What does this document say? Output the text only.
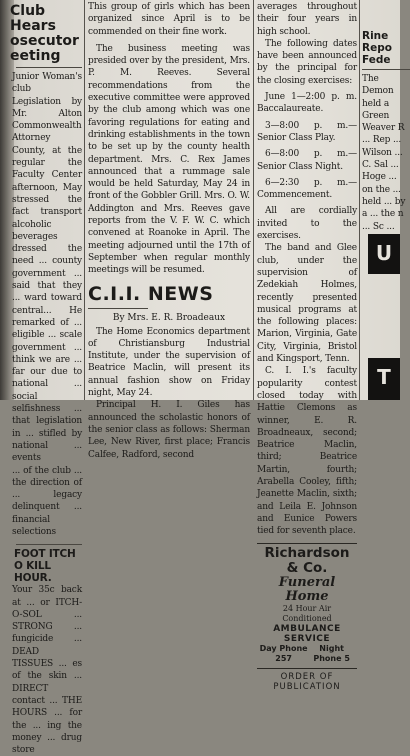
Club Hears
osecutor
eeting

Junior Woman's club Legislation by Mr. Alton Commonwealth Attorney County, at the regular the Faculty Center afternoon, May stressed the fact transport alcoholic beverages dressed the need ... county government ... said that they ... ward toward central... He remarked of ... eligible ... scale government ... think we are ... far our due to national ... social selfishness ... that legislation in ... stifled by national ... events

... of the club ... the direction of ... legacy delinquent ... financial selections

FOOT ITCH
O KILL
HOUR.

Your 35c back at ... or ITCH-O-SOL ... STRONG ... fungicide ... DEAD TISSUES ... es of the skin ... DIRECT contact ... THE HOURS ... for the ... ing the money ... drug store

This group of girls which has been organized since April is to be commended on their fine work.

The business meeting was presided over by the president, Mrs. P. M. Reeves. Several recommendations from the executive committee were approved by the club among which was one favoring regulations for eating and drinking establishments in the town to be set up by the county health department. Mrs. C. Rex James announced that a rummage sale would be held Saturday, May 24 in front of the Gobbler Grill. Mrs. O. W. Addington and Mrs. Reeves gave reports from the V. F. W. C. which convened at Roanoke in April. The meeting adjourned until the 17th of September when regular monthly meetings will be resumed.

C.I.I. NEWS
By Mrs. E. R. Broadeaux

The Home Economics department of Christiansburg Industrial Institute, under the supervision of Beatrice Maclin, will present its annual fashion show on Friday night, May 24.

Principal H. I. Giles has announced the scholastic honors of the senior class as follows: Sherman Lee, New River, first place; Francis Calfee, Radford, second

averages throughout their four years in high school.

The following dates have been announced by the principal for the closing exercises:

June 1—2:00 p. m. Baccalaureate.

3—8:00 p. m.—Senior Class Play.

6—8:00 p. m.—Senior Class Night.

6—2:30 p. m.—Commencement.

All are cordially invited to the exercises.

The band and Glee club, under the supervision of Zedekiah Holmes, recently presented musical programs at the following places: Marion, Virginia, Gate City, Virginia, Bristol and Kingsport, Tenn.

C. I. I.'s faculty popularity contest closed today with Hattie Clemons as winner, E. R. Broadneaux, second; Beatrice Maclin, third; Beatrice Martin, fourth; Arabella Cooley, fifth; Jeanette Maclin, sixth; and Leila E. Johnson and Eunice Powers tied for seventh place.

Richardson & Co.
Funeral Home
24 Hour Air Conditioned
AMBULANCE SERVICE
Day Phone 257
Night Phone 5
ORDER OF PUBLICATION
Rine
Repo
Fede

The Demon held a Green Weaver R ... Rep ... Wilson ... C. Sal ... Hoge ... on the ... held ... by a ... the n ... Sc ...

U
T
